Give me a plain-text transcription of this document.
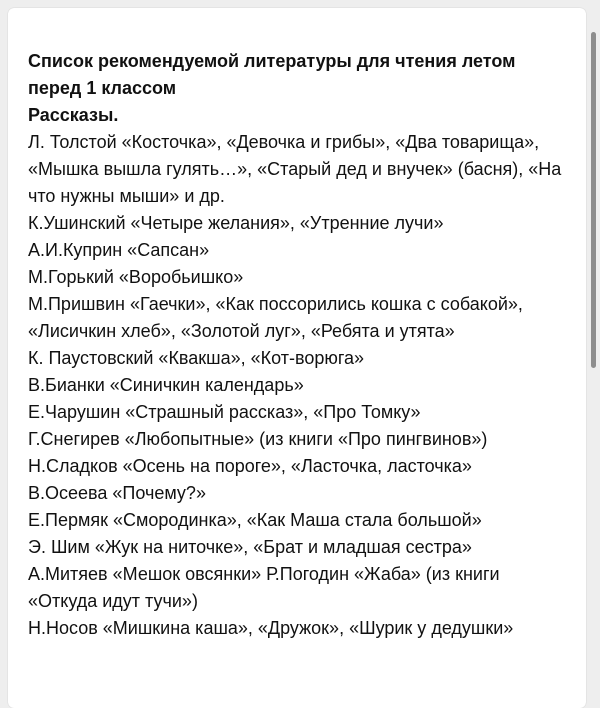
Список рекомендуемой литературы для чтения летом перед 1 классом

Рассказы.

Л. Толстой «Косточка», «Девочка и грибы», «Два товарища», «Мышка вышла гулять…», «Старый дед и внучек» (басня), «На что нужны мыши» и др.

К.Ушинский «Четыре желания», «Утренние лучи»

А.И.Куприн «Сапсан»

М.Горький «Воробьишко»

М.Пришвин «Гаечки», «Как поссорились кошка с собакой», «Лисичкин хлеб», «Золотой луг», «Ребята и утята»

К. Паустовский «Квакша», «Кот-ворюга»

В.Бианки «Синичкин календарь»

Е.Чарушин «Страшный рассказ», «Про Томку»

Г.Снегирев «Любопытные» (из книги «Про пингвинов»)

Н.Сладков «Осень на пороге», «Ласточка, ласточка»

В.Осеева «Почему?»

Е.Пермяк «Смородинка», «Как Маша стала большой»

Э. Шим «Жук на ниточке», «Брат и младшая сестра»

А.Митяев «Мешок овсянки» Р.Погодин «Жаба» (из книги «Откуда идут тучи»)

Н.Носов «Мишкина каша», «Дружок», «Шурик у дедушки»
